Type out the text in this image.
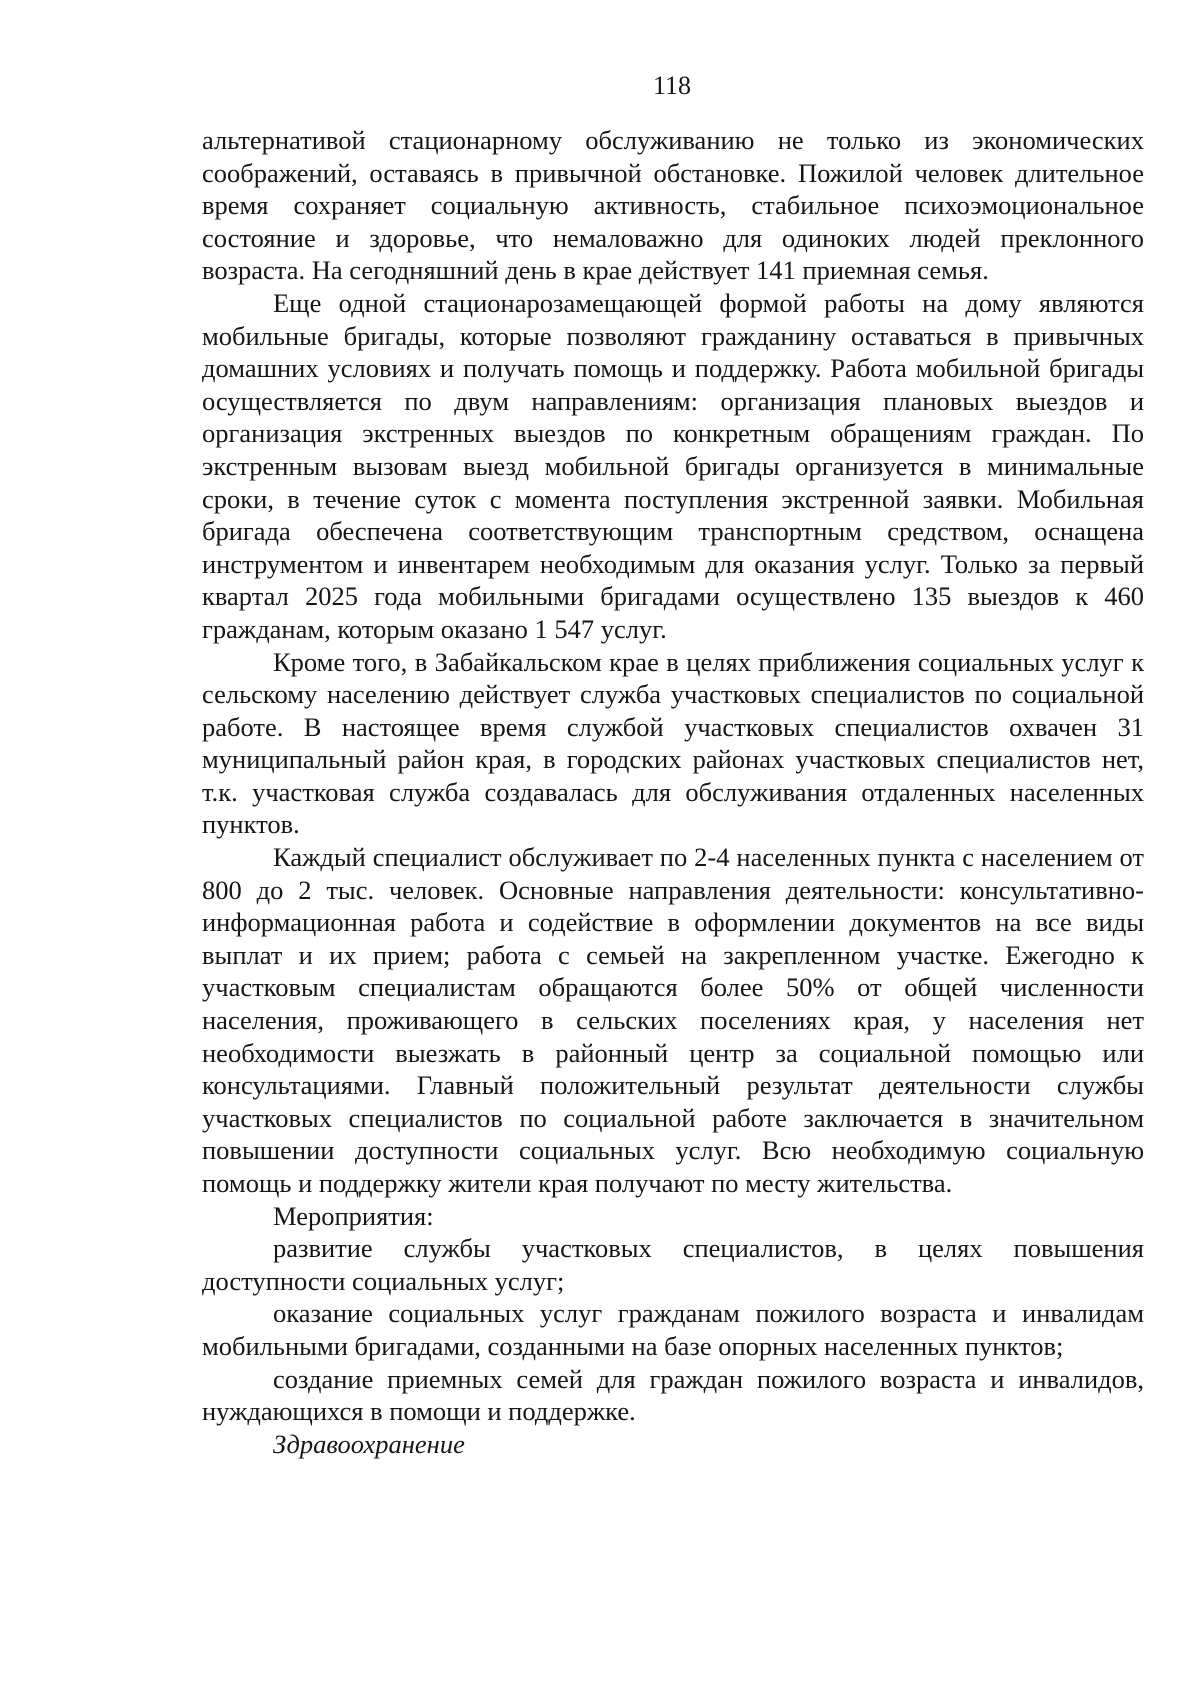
118

альтернативой стационарному обслуживанию не только из экономических соображений, оставаясь в привычной обстановке. Пожилой человек длительное время сохраняет социальную активность, стабильное психоэмоциональное состояние и здоровье, что немаловажно для одиноких людей преклонного возраста. На сегодняшний день в крае действует 141 приемная семья.

Еще одной стационарозамещающей формой работы на дому являются мобильные бригады, которые позволяют гражданину оставаться в привычных домашних условиях и получать помощь и поддержку. Работа мобильной бригады осуществляется по двум направлениям: организация плановых выездов и организация экстренных выездов по конкретным обращениям граждан. По экстренным вызовам выезд мобильной бригады организуется в минимальные сроки, в течение суток с момента поступления экстренной заявки. Мобильная бригада обеспечена соответствующим транспортным средством, оснащена инструментом и инвентарем необходимым для оказания услуг. Только за первый квартал 2025 года мобильными бригадами осуществлено 135 выездов к 460 гражданам, которым оказано 1 547 услуг.

Кроме того, в Забайкальском крае в целях приближения социальных услуг к сельскому населению действует служба участковых специалистов по социальной работе. В настоящее время службой участковых специалистов охвачен 31 муниципальный район края, в городских районах участковых специалистов нет, т.к. участковая служба создавалась для обслуживания отдаленных населенных пунктов.

Каждый специалист обслуживает по 2-4 населенных пункта с населением от 800 до 2 тыс. человек. Основные направления деятельности: консультативно-информационная работа и содействие в оформлении документов на все виды выплат и их прием; работа с семьей на закрепленном участке. Ежегодно к участковым специалистам обращаются более 50% от общей численности населения, проживающего в сельских поселениях края, у населения нет необходимости выезжать в районный центр за социальной помощью или консультациями. Главный положительный результат деятельности службы участковых специалистов по социальной работе заключается в значительном повышении доступности социальных услуг. Всю необходимую социальную помощь и поддержку жители края получают по месту жительства.

Мероприятия:

развитие службы участковых специалистов, в целях повышения доступности социальных услуг;

оказание социальных услуг гражданам пожилого возраста и инвалидам мобильными бригадами, созданными на базе опорных населенных пунктов;

создание приемных семей для граждан пожилого возраста и инвалидов, нуждающихся в помощи и поддержке.

Здравоохранение
